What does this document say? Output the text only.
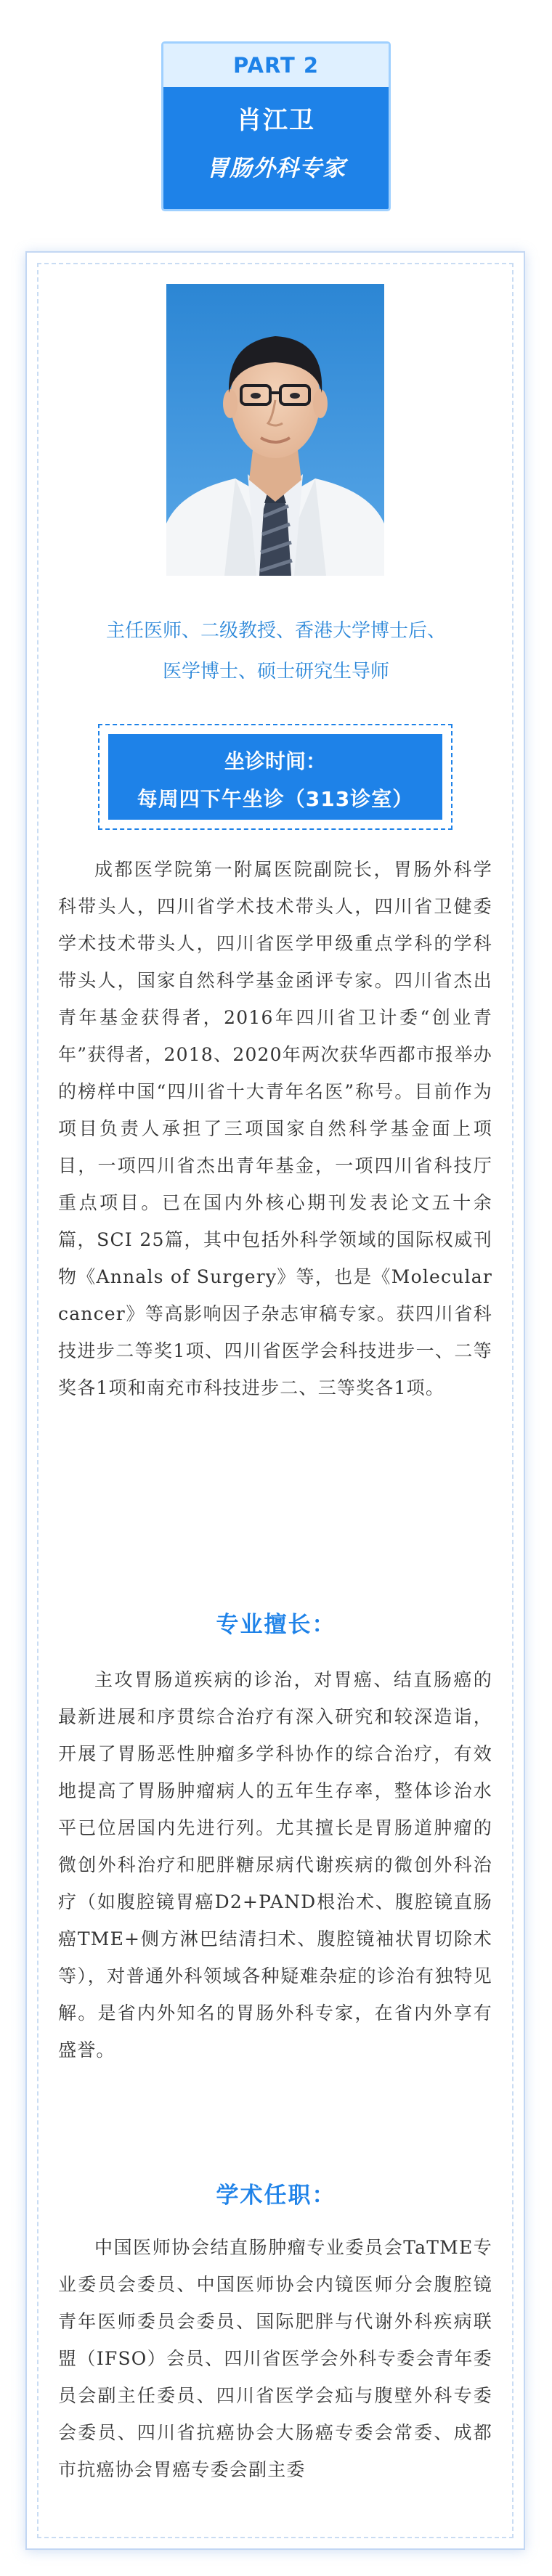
PART 2
肖江卫
胃肠外科专家
主任医师、二级教授、香港大学博士后、
医学博士、硕士研究生导师
坐诊时间：
每周四下午坐诊（313诊室）

成都医学院第一附属医院副院长，胃肠外科学科带头人，四川省学术技术带头人，四川省卫健委学术技术带头人，四川省医学甲级重点学科的学科带头人，国家自然科学基金函评专家。四川省杰出青年基金获得者，2016年四川省卫计委“创业青年”获得者，2018、2020年两次获华西都市报举办的榜样中国“四川省十大青年名医”称号。目前作为项目负责人承担了三项国家自然科学基金面上项目，一项四川省杰出青年基金，一项四川省科技厅重点项目。已在国内外核心期刊发表论文五十余篇，SCI 25篇，其中包括外科学领域的国际权威刊物《Annals of Surgery》等，也是《Molecular cancer》等高影响因子杂志审稿专家。获四川省科技进步二等奖1项、四川省医学会科技进步一、二等奖各1项和南充市科技进步二、三等奖各1项。

专业擅长：

主攻胃肠道疾病的诊治，对胃癌、结直肠癌的最新进展和序贯综合治疗有深入研究和较深造诣，开展了胃肠恶性肿瘤多学科协作的综合治疗，有效地提高了胃肠肿瘤病人的五年生存率，整体诊治水平已位居国内先进行列。尤其擅长是胃肠道肿瘤的微创外科治疗和肥胖糖尿病代谢疾病的微创外科治疗（如腹腔镜胃癌D2+PAND根治术、腹腔镜直肠癌TME+侧方淋巴结清扫术、腹腔镜袖状胃切除术等），对普通外科领域各种疑难杂症的诊治有独特见解。是省内外知名的胃肠外科专家，在省内外享有盛誉。

学术任职：

中国医师协会结直肠肿瘤专业委员会TaTME专业委员会委员、中国医师协会内镜医师分会腹腔镜青年医师委员会委员、国际肥胖与代谢外科疾病联盟（IFSO）会员、四川省医学会外科专委会青年委员会副主任委员、四川省医学会疝与腹壁外科专委会委员、四川省抗癌协会大肠癌专委会常委、成都市抗癌协会胃癌专委会副主委
